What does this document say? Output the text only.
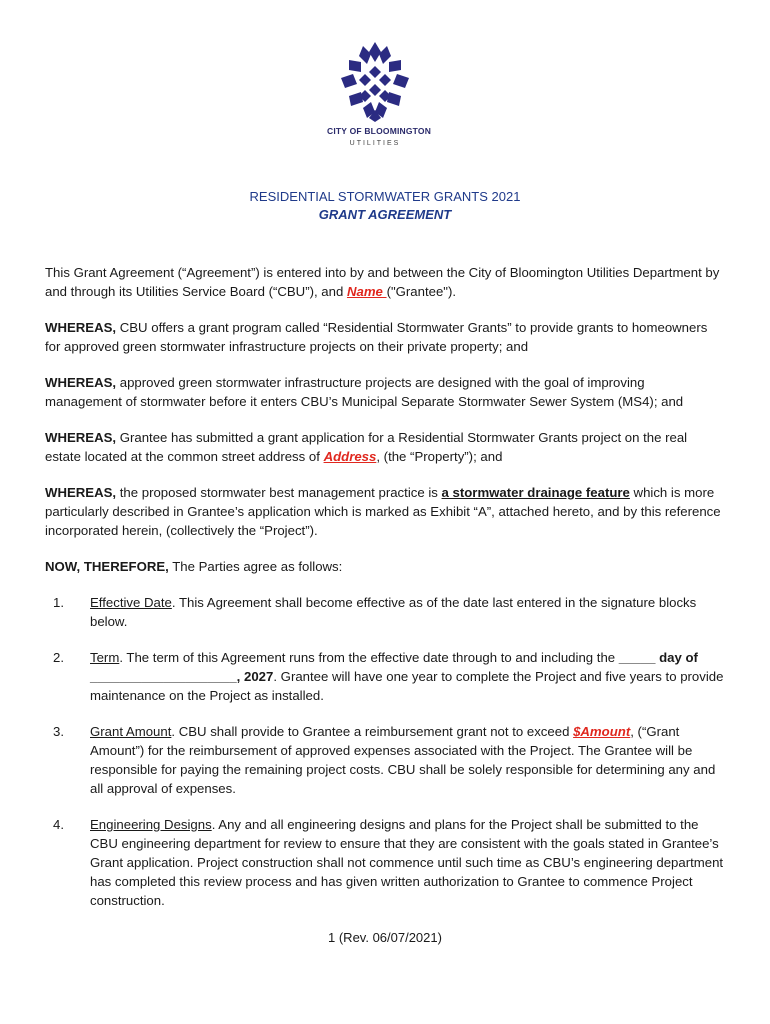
CITY OF BLOOMINGTON
UTILITIES
RESIDENTIAL STORMWATER GRANTS 2021
GRANT AGREEMENT

This Grant Agreement (“Agreement”) is entered into by and between the City of Bloomington Utilities Department by and through its Utilities Service Board (“CBU”), and Name ("Grantee").

WHEREAS, CBU offers a grant program called “Residential Stormwater Grants” to provide grants to homeowners for approved green stormwater infrastructure projects on their private property; and

WHEREAS, approved green stormwater infrastructure projects are designed with the goal of improving management of stormwater before it enters CBU’s Municipal Separate Stormwater Sewer System (MS4); and

WHEREAS, Grantee has submitted a grant application for a Residential Stormwater Grants project on the real estate located at the common street address of Address, (the “Property”); and

WHEREAS, the proposed stormwater best management practice is a stormwater drainage feature which is more particularly described in Grantee’s application which is marked as Exhibit “A”, attached hereto, and by this reference incorporated herein, (collectively the “Project”).

NOW, THEREFORE, The Parties agree as follows:

1. Effective Date. This Agreement shall become effective as of the date last entered in the signature blocks below.
2. Term. The term of this Agreement runs from the effective date through to and including the _____ day of ____________________, 2027. Grantee will have one year to complete the Project and five years to provide maintenance on the Project as installed.
3. Grant Amount. CBU shall provide to Grantee a reimbursement grant not to exceed $Amount, (“Grant Amount”) for the reimbursement of approved expenses associated with the Project. The Grantee will be responsible for paying the remaining project costs. CBU shall be solely responsible for determining any and all approval of expenses.
4. Engineering Designs. Any and all engineering designs and plans for the Project shall be submitted to the CBU engineering department for review to ensure that they are consistent with the goals stated in Grantee’s Grant application. Project construction shall not commence until such time as CBU’s engineering department has completed this review process and has given written authorization to Grantee to commence Project construction.
1 (Rev. 06/07/2021)
